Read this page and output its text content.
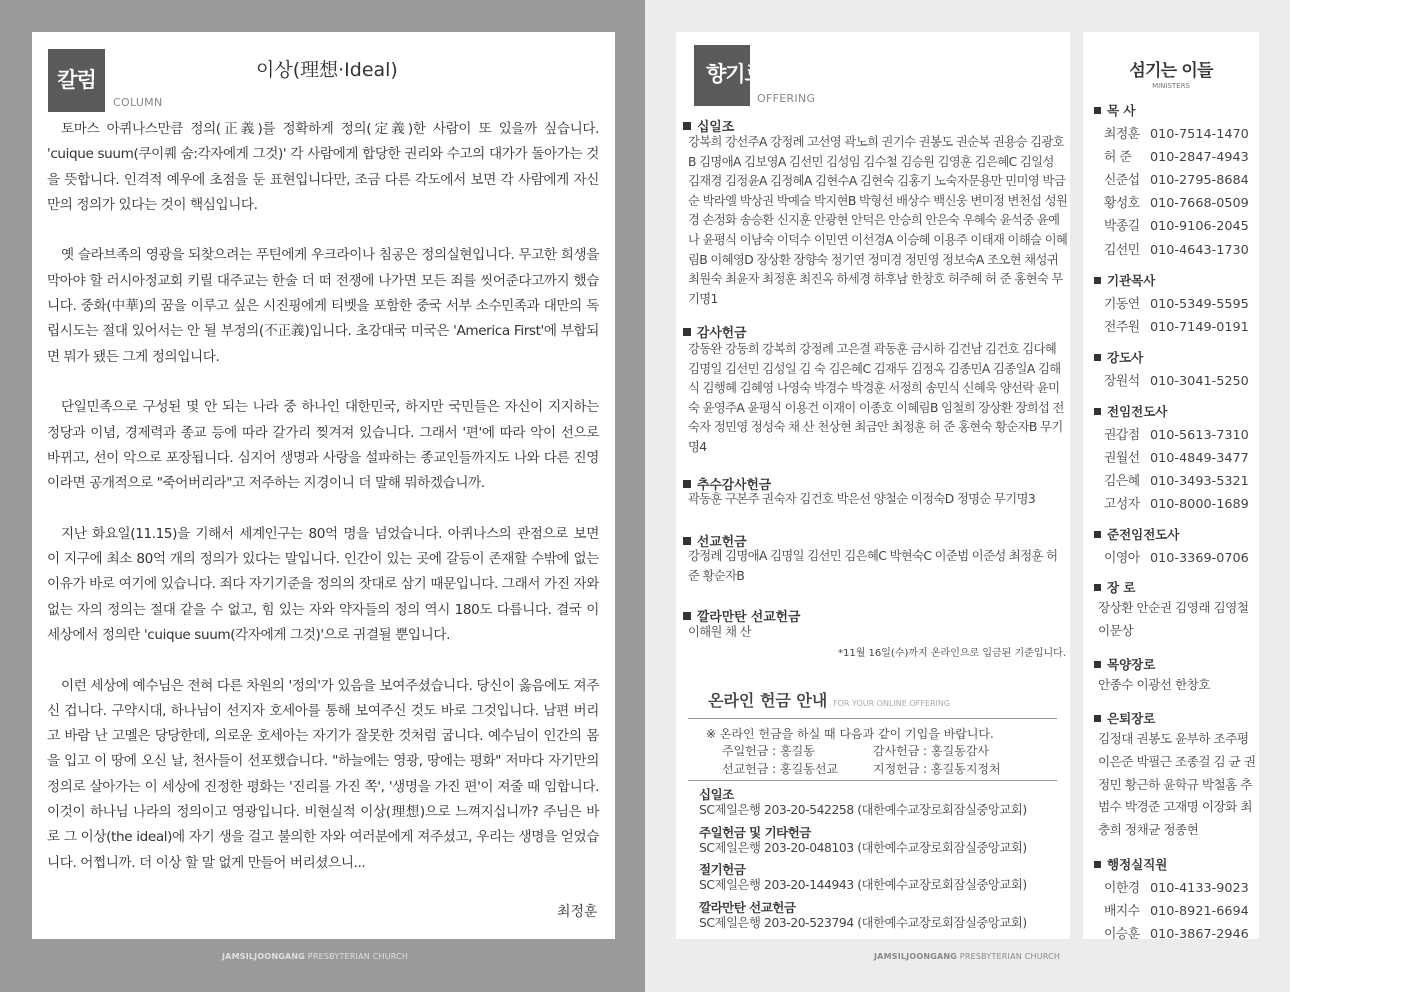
칼럼
COLUMN
이상(理想·Ideal)

토마스 아퀴나스만큼 정의(正義)를 정확하게 정의(定義)한 사람이 또 있을까 싶습니다. 'cuique suum(쿠이퀘 숨:각자에게 그것)' 각 사람에게 합당한 권리와 수고의 대가가 돌아가는 것을 뜻합니다. 인격적 예우에 초점을 둔 표현입니다만, 조금 다른 각도에서 보면 각 사람에게 자신만의 정의가 있다는 것이 핵심입니다.

옛 슬라브족의 영광을 되찾으려는 푸틴에게 우크라이나 침공은 정의실현입니다. 무고한 희생을 막아야 할 러시아정교회 키릴 대주교는 한술 더 떠 전쟁에 나가면 모든 죄를 씻어준다고까지 했습니다. 중화(中華)의 꿈을 이루고 싶은 시진핑에게 티벳을 포함한 중국 서부 소수민족과 대만의 독립시도는 절대 있어서는 안 될 부정의(不正義)입니다. 초강대국 미국은 'America First'에 부합되면 뭐가 됐든 그게 정의입니다.

단일민족으로 구성된 몇 안 되는 나라 중 하나인 대한민국, 하지만 국민들은 자신이 지지하는 정당과 이념, 경제력과 종교 등에 따라 갈가리 찢겨져 있습니다. 그래서 '편'에 따라 악이 선으로 바뀌고, 선이 악으로 포장됩니다. 심지어 생명과 사랑을 설파하는 종교인들까지도 나와 다른 진영이라면 공개적으로 "죽어버리라"고 저주하는 지경이니 더 말해 뭐하겠습니까.

지난 화요일(11.15)을 기해서 세계인구는 80억 명을 넘었습니다. 아퀴나스의 관점으로 보면 이 지구에 최소 80억 개의 정의가 있다는 말입니다. 인간이 있는 곳에 갈등이 존재할 수밖에 없는 이유가 바로 여기에 있습니다. 죄다 자기기준을 정의의 잣대로 삼기 때문입니다. 그래서 가진 자와 없는 자의 정의는 절대 같을 수 없고, 힘 있는 자와 약자들의 정의 역시 180도 다릅니다. 결국 이 세상에서 정의란 'cuique suum(각자에게 그것)'으로 귀결될 뿐입니다.

이런 세상에 예수님은 전혀 다른 차원의 '정의'가 있음을 보여주셨습니다. 당신이 옳음에도 져주신 겁니다. 구약시대, 하나님이 선지자 호세아를 통해 보여주신 것도 바로 그것입니다. 남편 버리고 바람 난 고멜은 당당한데, 의로운 호세아는 자기가 잘못한 것처럼 굽니다. 예수님이 인간의 몸을 입고 이 땅에 오신 날, 천사들이 선포했습니다. "하늘에는 영광, 땅에는 평화" 저마다 자기만의 정의로 살아가는 이 세상에 진정한 평화는 '진리를 가진 쪽', '생명을 가진 편'이 져줄 때 임합니다. 이것이 하나님 나라의 정의이고 영광입니다. 비현실적 이상(理想)으로 느껴지십니까? 주님은 바로 그 이상(the ideal)에 자기 생을 걸고 불의한 자와 여러분에게 져주셨고, 우리는 생명을 얻었습니다. 어쩝니까. 더 이상 할 말 없게 만들어 버리셨으니...

최정훈
JAMSILJOONGANG PRESBYTERIAN CHURCH
향기로운 예물
OFFERING
십일조
강복희 강선주A 강정례 고선영 곽노희 권기수 권봉도 권순복 권용승 김광호B 김명애A 김보영A 김선민 김성임 김수철 김승원 김영훈 김은혜C 김일성 김재경 김정윤A 김정혜A 김현수A 김현숙 김홍기 노숙자문용만 민미영 박금순 박라엘 박상권 박예슬 박지현B 박형선 배상수 백신웅 변미정 변천섭 성원경 손정화 송승환 신지훈 안광현 안덕은 안승희 안은숙 우혜숙 윤석중 윤예나 윤평식 이남숙 이덕수 이민연 이선경A 이승혜 이용주 이태재 이해슬 이혜림B 이혜영D 장상환 장향숙 정기연 정미경 정민영 정보숙A 조오현 채성귀 최원숙 최윤자 최정훈 최진옥 하세경 하후남 한창호 허주혜 허 준 홍현숙 무기명1
감사헌금
강동완 강동희 강복희 강정례 고은결 곽동훈 금시하 김건남 김건호 김다혜 김명일 김선민 김성일 김 숙 김은혜C 김재두 김정옥 김종민A 김종일A 김해식 김행혜 김혜영 나영숙 박경수 박경훈 서정희 송민식 신혜욱 양선락 윤미숙 윤영주A 윤평식 이용건 이재이 이종호 이혜림B 임철희 장상환 장희섭 전숙자 정민영 정성숙 채 산 천상현 최금안 최정훈 허 준 홍현숙 황순자B 무기명4
추수감사헌금
곽동훈 구본주 권숙자 김건호 박은선 양철순 이정숙D 정명순 무기명3
선교헌금
강정례 김명애A 김명일 김선민 김은혜C 박현숙C 이준범 이준성 최정훈 허 준 황순자B
깔라만탄 선교헌금
이해원 채 산
*11월 16일(수)까지 온라인으로 입금된 기준입니다.
온라인 헌금 안내 FOR YOUR ONLINE OFFERING
※ 온라인 헌금을 하실 때 다음과 같이 기입을 바랍니다.
주일헌금 : 홍길동	감사헌금 : 홍길동감사
선교헌금 : 홍길동선교	지정헌금 : 홍길동지정처
십일조
SC제일은행 203-20-542258 (대한예수교장로회잠실중앙교회)
주일헌금 및 기타헌금
SC제일은행 203-20-048103 (대한예수교장로회잠실중앙교회)
절기헌금
SC제일은행 203-20-144943 (대한예수교장로회잠실중앙교회)
깔라만탄 선교헌금
SC제일은행 203-20-523794 (대한예수교장로회잠실중앙교회)
JAMSILJOONGANG PRESBYTERIAN CHURCH
섬기는 이들
MINISTERS
목 사
최정훈 010-7514-1470
허 준 010-2847-4943
신준섭 010-2795-8684
황성호 010-7668-0509
박종길 010-9106-2045
김선민 010-4643-1730
기관목사
기동연 010-5349-5595
전주원 010-7149-0191
강도사
장원석 010-3041-5250
전임전도사
권갑점 010-5613-7310
권월선 010-4849-3477
김은혜 010-3493-5321
고성자 010-8000-1689
준전임전도사
이영아 010-3369-0706
장 로
장상환 안순권 김영래 김영철 이문상
목양장로
안종수 이광선 한창호
은퇴장로
김정대 권봉도 윤부하 조주평 이은준 박필근 조종걸 김 균 권정민 황근하 윤학규 박철홈 추범수 박경준 고재명 이장화 최충희 정채균 정종현
행정실직원
이한경 010-4133-9023
배지수 010-8921-6694
이승훈 010-3867-2946
